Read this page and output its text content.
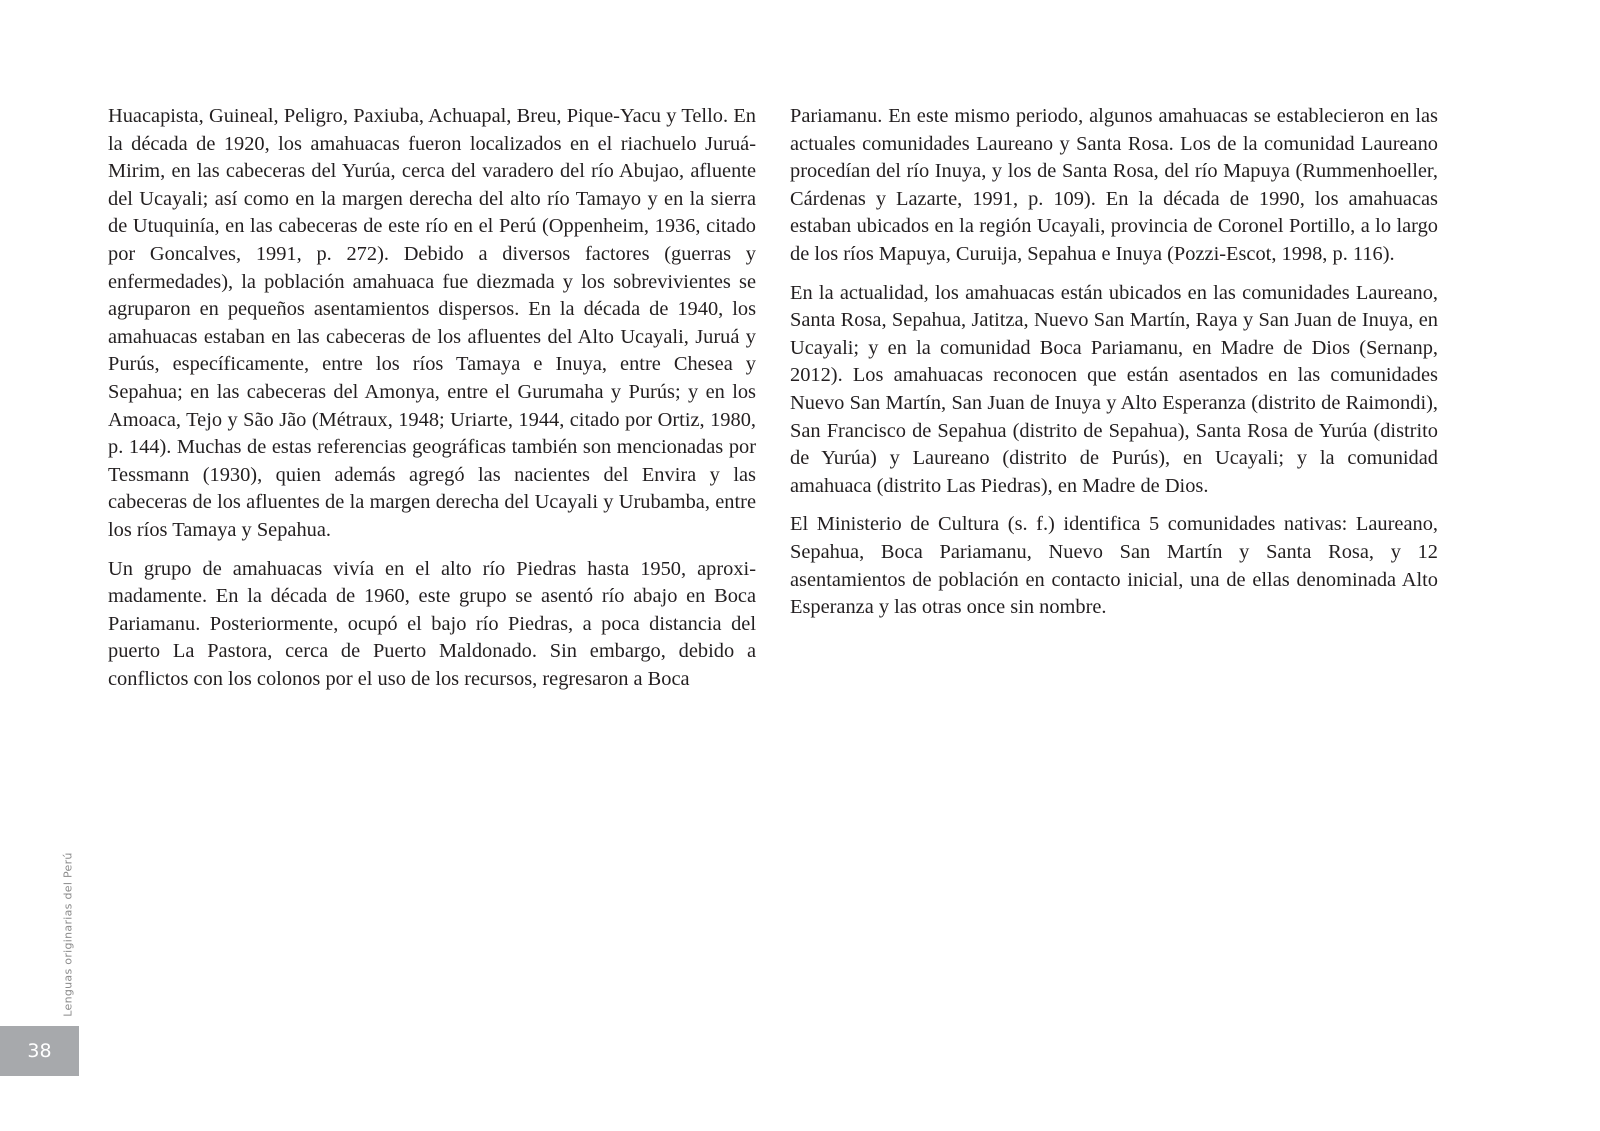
Huacapista, Guineal, Peligro, Paxiuba, Achuapal, Breu, Pique-Yacu y Tello. En la década de 1920, los amahuacas fueron localizados en el riachuelo Juruá-Mirim, en las cabeceras del Yurúa, cerca del varadero del río Abujao, afluente del Ucayali; así como en la margen derecha del alto río Tamayo y en la sierra de Utuquinía, en las cabeceras de este río en el Perú (Oppenheim, 1936, citado por Goncalves, 1991, p. 272). Debido a diversos factores (guerras y enfermedades), la población amahuaca fue diezmada y los sobrevivientes se agruparon en pequeños asentamientos dispersos. En la década de 1940, los amahuacas estaban en las cabeceras de los afluentes del Alto Ucayali, Juruá y Purús, específicamente, entre los ríos Tamaya e Inuya, entre Chesea y Sepahua; en las cabeceras del Amonya, entre el Gurumaha y Purús; y en los Amoaca, Tejo y São Jão (Métraux, 1948; Uriarte, 1944, citado por Ortiz, 1980, p. 144). Muchas de estas referencias geográficas también son mencionadas por Tessmann (1930), quien además agregó las nacientes del Envira y las cabeceras de los afluentes de la margen derecha del Ucayali y Urubamba, entre los ríos Tamaya y Sepahua.

Un grupo de amahuacas vivía en el alto río Piedras hasta 1950, aproximadamente. En la década de 1960, este grupo se asentó río abajo en Boca Pariamanu. Posteriormente, ocupó el bajo río Piedras, a poca distancia del puerto La Pastora, cerca de Puerto Maldonado. Sin embargo, debido a conflictos con los colonos por el uso de los recursos, regresaron a Boca

Pariamanu. En este mismo periodo, algunos amahuacas se establecieron en las actuales comunidades Laureano y Santa Rosa. Los de la comunidad Laureano procedían del río Inuya, y los de Santa Rosa, del río Mapuya (Rummenhoeller, Cárdenas y Lazarte, 1991, p. 109). En la década de 1990, los amahuacas estaban ubicados en la región Ucayali, provincia de Coronel Portillo, a lo largo de los ríos Mapuya, Curuija, Sepahua e Inuya (Pozzi-Escot, 1998, p. 116).

En la actualidad, los amahuacas están ubicados en las comunidades Laureano, Santa Rosa, Sepahua, Jatitza, Nuevo San Martín, Raya y San Juan de Inuya, en Ucayali; y en la comunidad Boca Pariamanu, en Madre de Dios (Sernanp, 2012). Los amahuacas reconocen que están asentados en las comunidades Nuevo San Martín, San Juan de Inuya y Alto Esperanza (distrito de Raimondi), San Francisco de Sepahua (distrito de Sepahua), Santa Rosa de Yurúa (distrito de Yurúa) y Laureano (distrito de Purús), en Ucayali; y la comunidad amahuaca (distrito Las Piedras), en Madre de Dios.

El Ministerio de Cultura (s. f.) identifica 5 comunidades nativas: Laureano, Sepahua, Boca Pariamanu, Nuevo San Martín y Santa Rosa, y 12 asentamientos de población en contacto inicial, una de ellas denominada Alto Esperanza y las otras once sin nombre.

Lenguas originarias del Perú
38
